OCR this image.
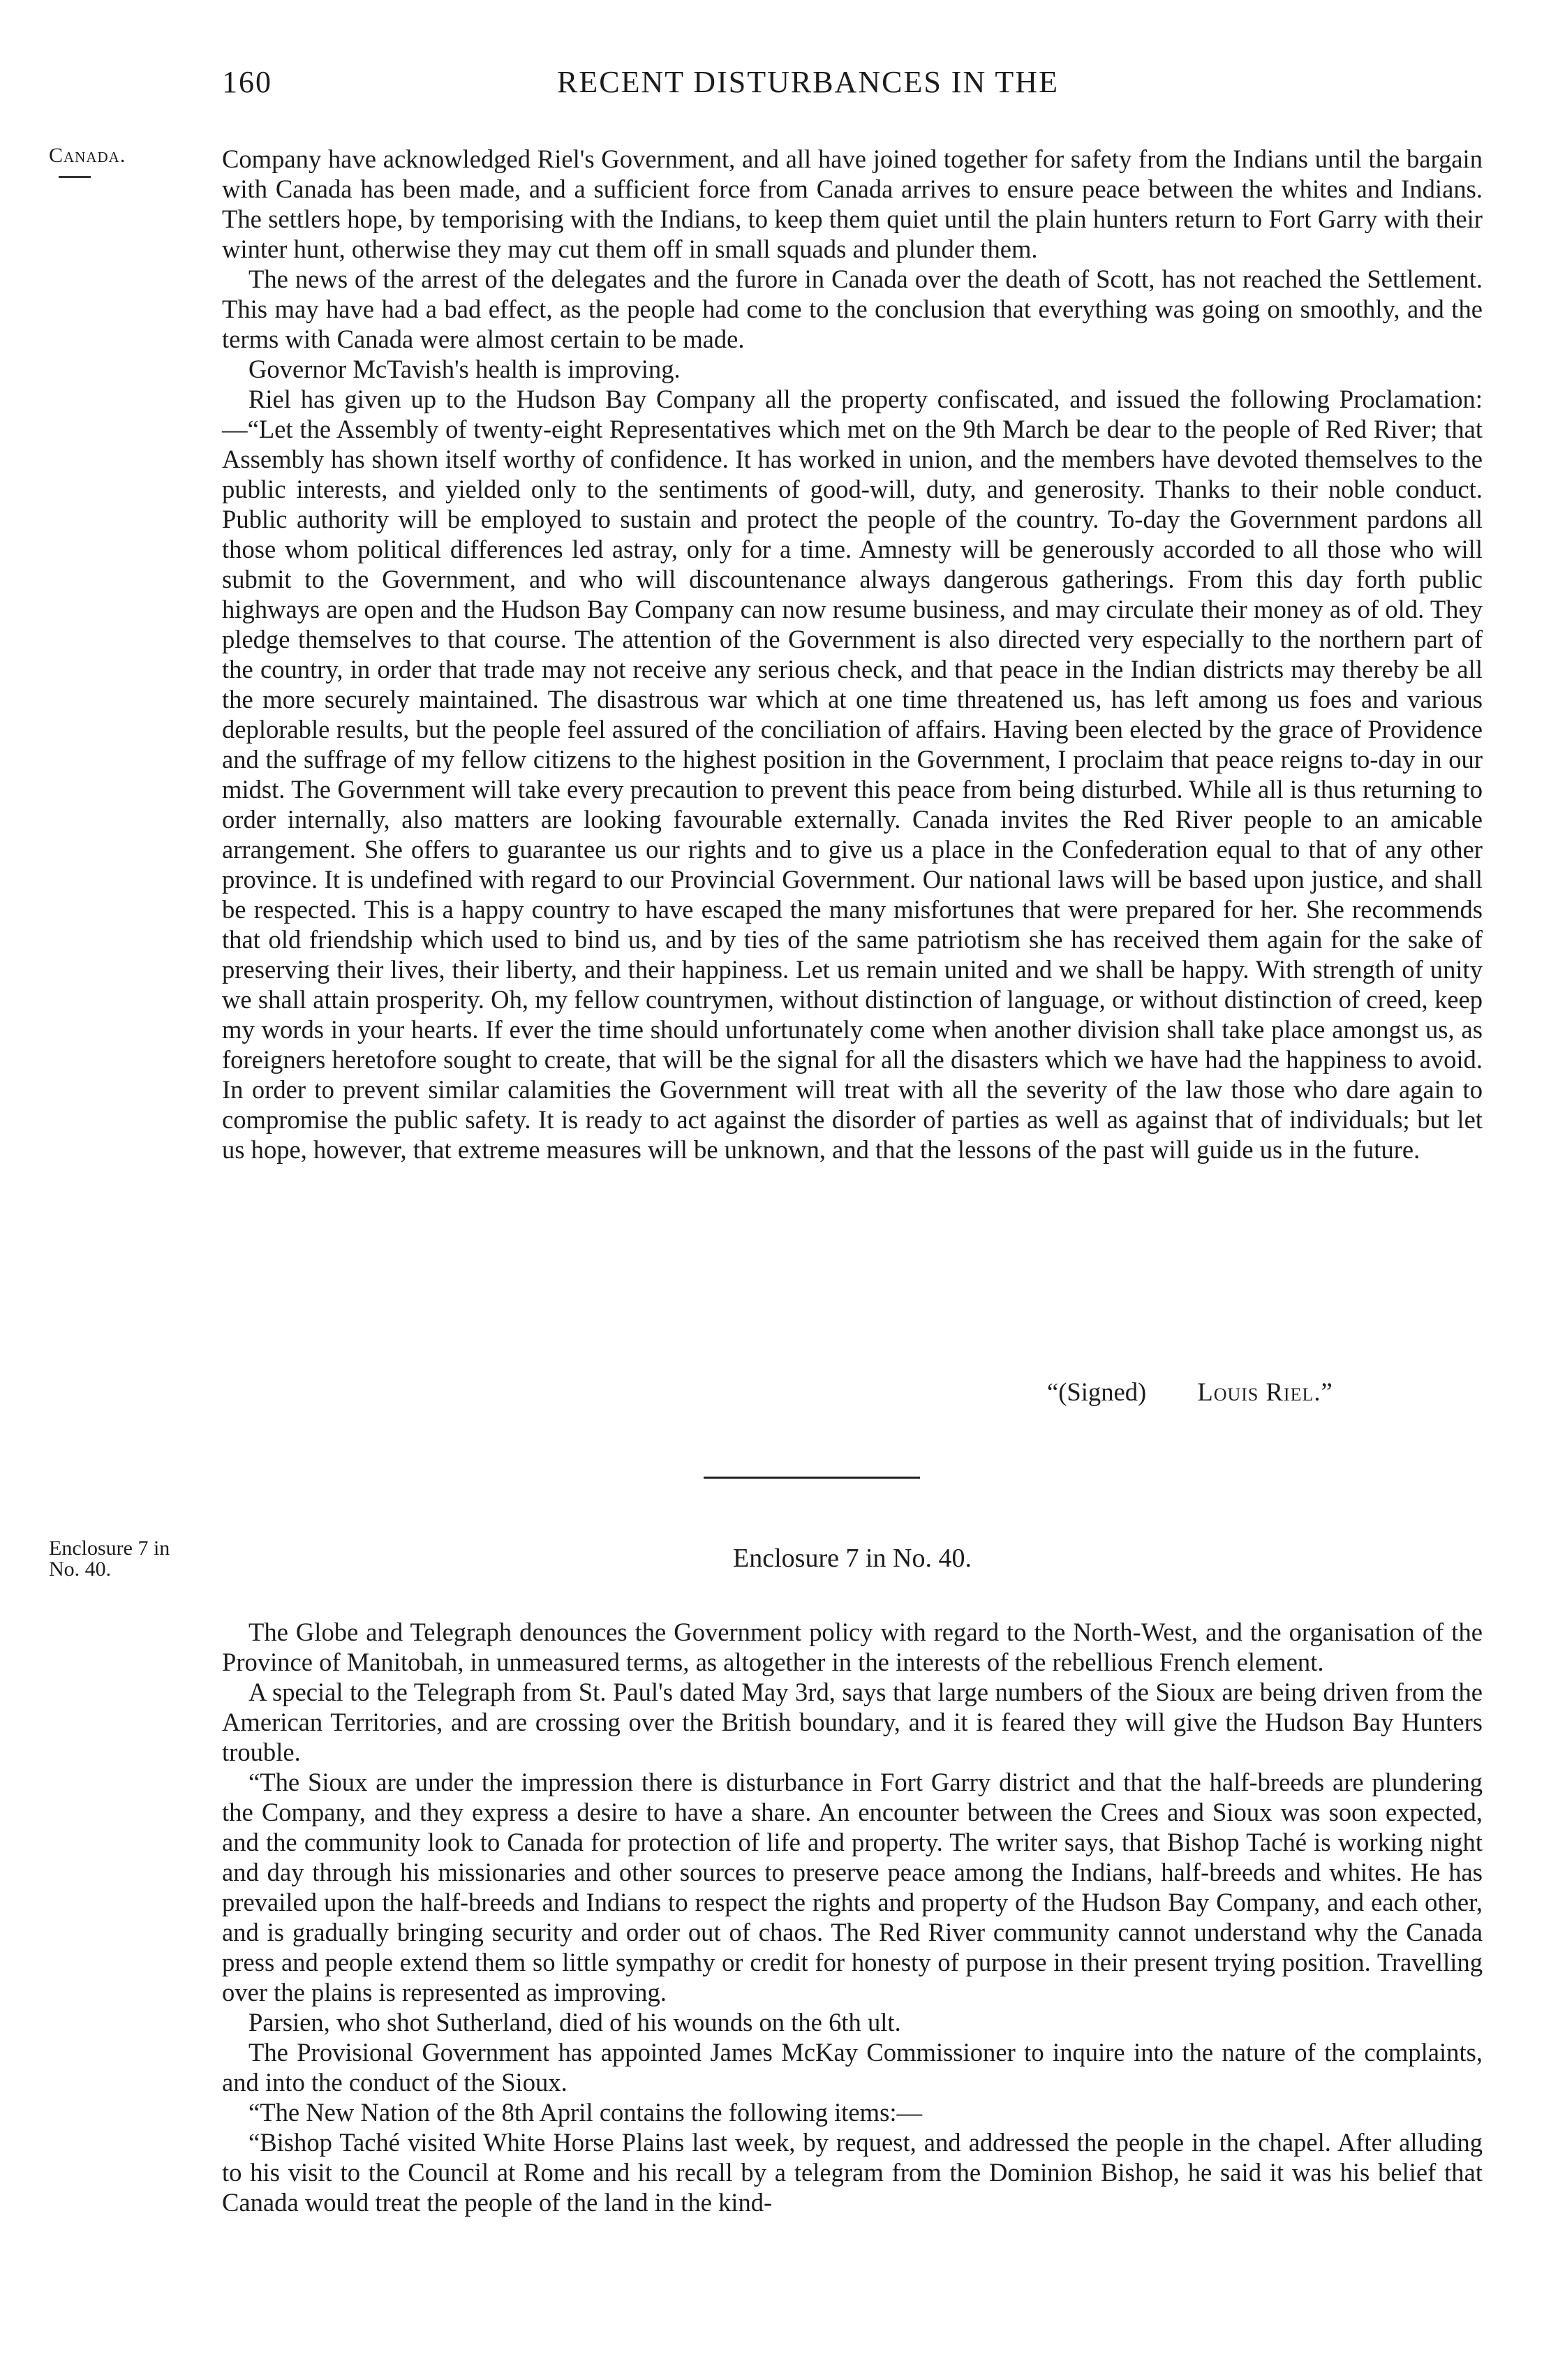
160	RECENT DISTURBANCES IN THE
Canada.	Company have acknowledged Riel's Government, and all have joined together for safety from the Indians until the bargain with Canada has been made, and a sufficient force from Canada arrives to ensure peace between the whites and Indians. The settlers hope, by temporising with the Indians, to keep them quiet until the plain hunters return to Fort Garry with their winter hunt, otherwise they may cut them off in small squads and plunder them.

The news of the arrest of the delegates and the furore in Canada over the death of Scott, has not reached the Settlement. This may have had a bad effect, as the people had come to the conclusion that everything was going on smoothly, and the terms with Canada were almost certain to be made.

Governor McTavish's health is improving.

Riel has given up to the Hudson Bay Company all the property confiscated, and issued the following Proclamation:—“Let the Assembly of twenty-eight Representatives which met on the 9th March be dear to the people of Red River; that Assembly has shown itself worthy of confidence. It has worked in union, and the members have devoted themselves to the public interests, and yielded only to the sentiments of good-will, duty, and generosity. Thanks to their noble conduct. Public authority will be employed to sustain and protect the people of the country. To-day the Government pardons all those whom political differences led astray, only for a time. Amnesty will be generously accorded to all those who will submit to the Government, and who will discountenance always dangerous gatherings. From this day forth public highways are open and the Hudson Bay Company can now resume business, and may circulate their money as of old. They pledge themselves to that course. The attention of the Government is also directed very especially to the northern part of the country, in order that trade may not receive any serious check, and that peace in the Indian districts may thereby be all the more securely maintained. The disastrous war which at one time threatened us, has left among us foes and various deplorable results, but the people feel assured of the conciliation of affairs. Having been elected by the grace of Providence and the suffrage of my fellow citizens to the highest position in the Government, I proclaim that peace reigns to-day in our midst. The Government will take every precaution to prevent this peace from being disturbed. While all is thus returning to order internally, also matters are looking favourable externally. Canada invites the Red River people to an amicable arrangement. She offers to guarantee us our rights and to give us a place in the Confederation equal to that of any other province. It is undefined with regard to our Provincial Government. Our national laws will be based upon justice, and shall be respected. This is a happy country to have escaped the many misfortunes that were prepared for her. She recommends that old friendship which used to bind us, and by ties of the same patriotism she has received them again for the sake of preserving their lives, their liberty, and their happiness. Let us remain united and we shall be happy. With strength of unity we shall attain prosperity. Oh, my fellow countrymen, without distinction of language, or without distinction of creed, keep my words in your hearts. If ever the time should unfortunately come when another division shall take place amongst us, as foreigners heretofore sought to create, that will be the signal for all the disasters which we have had the happiness to avoid. In order to prevent similar calamities the Government will treat with all the severity of the law those who dare again to compromise the public safety. It is ready to act against the disorder of parties as well as against that of individuals; but let us hope, however, that extreme measures will be unknown, and that the lessons of the past will guide us in the future.

“(Signed) Louis Riel.”
Enclosure 7 in No. 40.	Enclosure 7 in No. 40.

The Globe and Telegraph denounces the Government policy with regard to the North-West, and the organisation of the Province of Manitobah, in unmeasured terms, as altogether in the interests of the rebellious French element.

A special to the Telegraph from St. Paul's dated May 3rd, says that large numbers of the Sioux are being driven from the American Territories, and are crossing over the British boundary, and it is feared they will give the Hudson Bay Hunters trouble.

“The Sioux are under the impression there is disturbance in Fort Garry district and that the half-breeds are plundering the Company, and they express a desire to have a share. An encounter between the Crees and Sioux was soon expected, and the community look to Canada for protection of life and property. The writer says, that Bishop Taché is working night and day through his missionaries and other sources to preserve peace among the Indians, half-breeds and whites. He has prevailed upon the half-breeds and Indians to respect the rights and property of the Hudson Bay Company, and each other, and is gradually bringing security and order out of chaos. The Red River community cannot understand why the Canada press and people extend them so little sympathy or credit for honesty of purpose in their present trying position. Travelling over the plains is represented as improving.

Parsien, who shot Sutherland, died of his wounds on the 6th ult.

The Provisional Government has appointed James McKay Commissioner to inquire into the nature of the complaints, and into the conduct of the Sioux.

“The New Nation of the 8th April contains the following items:—

“Bishop Taché visited White Horse Plains last week, by request, and addressed the people in the chapel. After alluding to his visit to the Council at Rome and his recall by a telegram from the Dominion Bishop, he said it was his belief that Canada would treat the people of the land in the kind-
